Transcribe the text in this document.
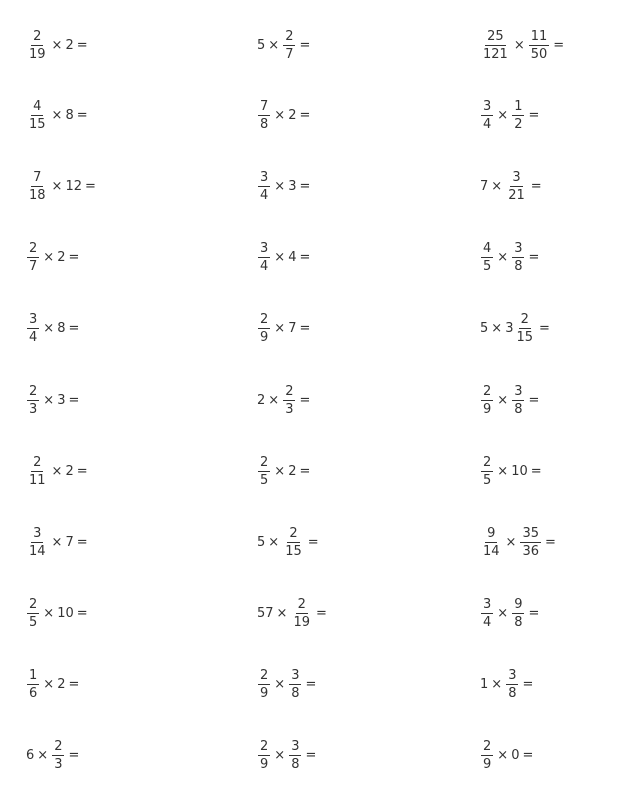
$\frac{2}{19} \times 2$ =	$5 \times \frac{2}{7}$ =	$\frac{25}{121} \times \frac{11}{50}$ =
$\frac{4}{15} \times 8$ =	$\frac{7}{8} \times 2$ =	$\frac{3}{4} \times \frac{1}{2}$ =
$\frac{7}{18} \times 12$ =	$\frac{3}{4} \times 3$ =	$7 \times \frac{3}{21}$ =
$\frac{2}{7} \times 2$ =	$\frac{3}{4} \times 4$ =	$\frac{4}{5} \times \frac{3}{8}$ =
$\frac{3}{4} \times 8$ =	$\frac{2}{9} \times 7$ =	$5 \times 3 \frac{2}{15}$ =
$\frac{2}{3} \times 3$ =	$2 \times \frac{2}{3}$ =	$\frac{2}{9} \times \frac{3}{8}$ =
$\frac{2}{11} \times 2$ =	$\frac{2}{5} \times 2$ =	$\frac{2}{5} \times 10$ =
$\frac{3}{14} \times 7$ =	$5 \times \frac{2}{15}$ =	$\frac{9}{14} \times \frac{35}{36}$ =
$\frac{2}{5} \times 10$ =	$57 \times \frac{2}{19}$ =	$\frac{3}{4} \times \frac{9}{8}$ =
$\frac{1}{6} \times 2$ =	$\frac{2}{9} \times \frac{3}{8}$ =	$1 \times \frac{3}{8}$ =
$6 \times \frac{2}{3}$ =	$\frac{2}{9} \times \frac{3}{8}$ =	$\frac{2}{9} \times 0$ =
